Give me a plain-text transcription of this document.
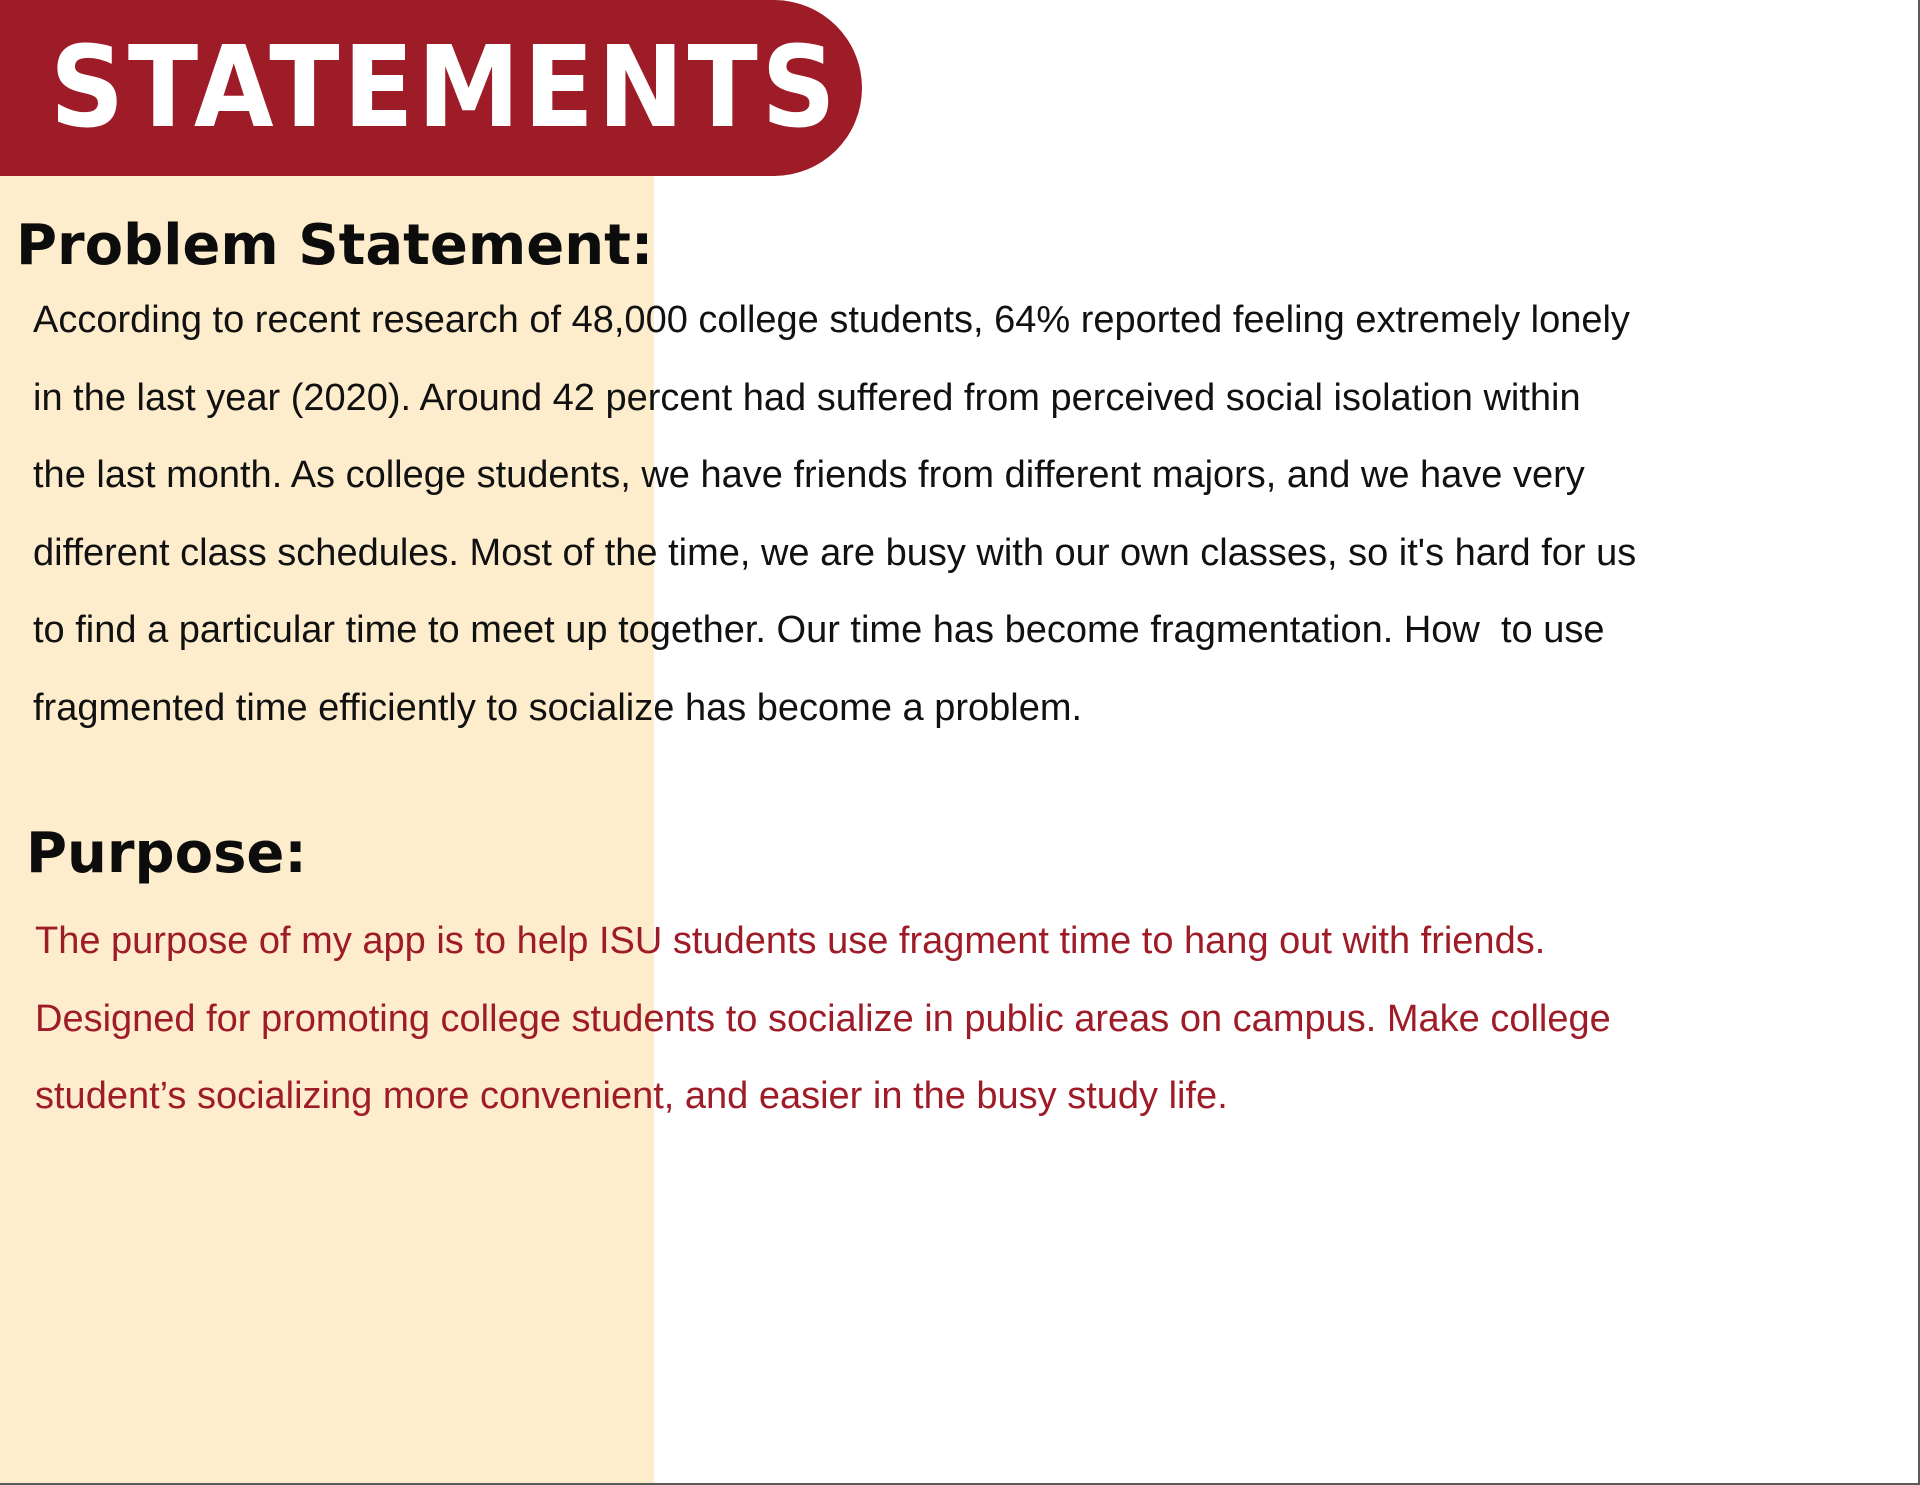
STATEMENTS
Problem Statement:

According to recent research of 48,000 college students, 64% reported feeling extremely lonely
in the last year (2020). Around 42 percent had suffered from perceived social isolation within
the last month. As college students, we have friends from different majors, and we have very
different class schedules. Most of the time, we are busy with our own classes, so it's hard for us
to find a particular time to meet up together. Our time has become fragmentation. How  to use
fragmented time efficiently to socialize has become a problem.

Purpose:

The purpose of my app is to help ISU students use fragment time to hang out with friends.
Designed for promoting college students to socialize in public areas on campus. Make college
student’s socializing more convenient, and easier in the busy study life.
